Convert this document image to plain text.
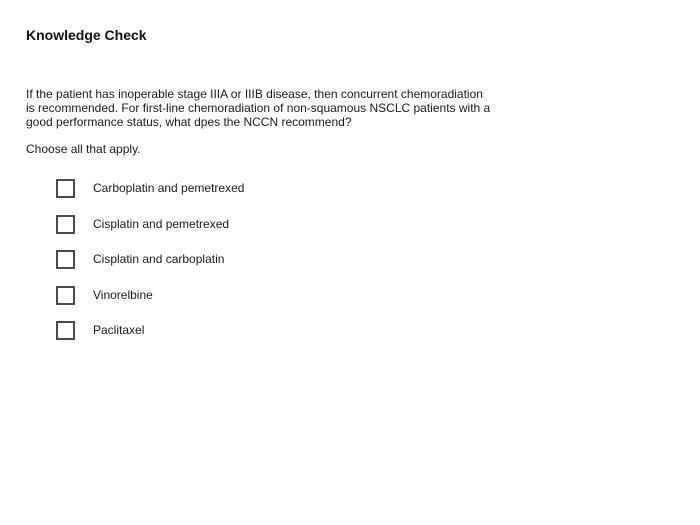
Knowledge Check
If the patient has inoperable stage IIIA or IIIB disease, then concurrent chemoradiation
is recommended. For first-line chemoradiation of non-squamous NSCLC patients with a
good performance status, what dpes the NCCN recommend?
Choose all that apply.
Carboplatin and pemetrexed
Cisplatin and pemetrexed
Cisplatin and carboplatin
Vinorelbine
Paclitaxel
